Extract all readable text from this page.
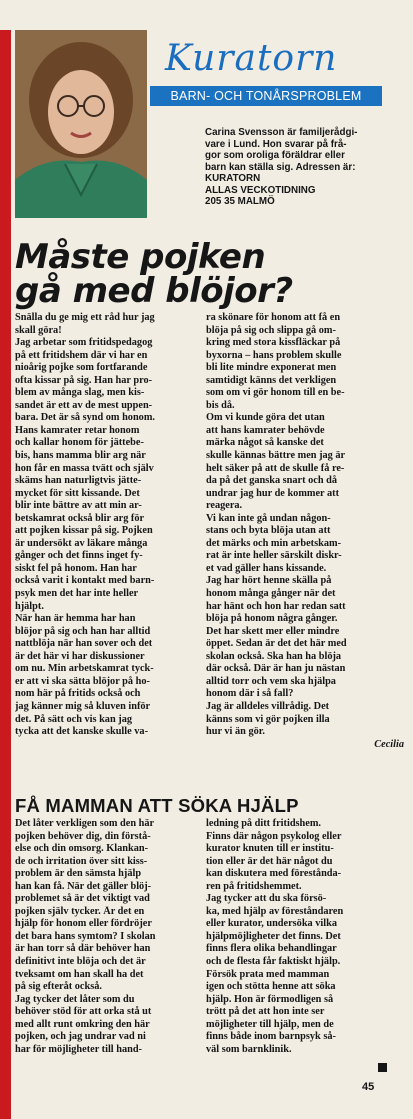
Kuratorn
BARN- OCH TONÅRSPROBLEM
Carina Svensson är familjerådgi-
vare i Lund. Hon svarar på frå-
gor som oroliga föräldrar eller
barn kan ställa sig. Adressen är:
KURATORN
ALLAS VECKOTIDNING
205 35 MALMÖ
Måste pojken
gå med blöjor?
Snälla du ge mig ett råd hur jag
skall göra!
Jag arbetar som fritidspedagog
på ett fritidshem där vi har en
nioårig pojke som fortfarande
ofta kissar på sig. Han har pro-
blem av många slag, men kis-
sandet är ett av de mest uppen-
bara. Det är så synd om honom.
Hans kamrater retar honom
och kallar honom för jättebe-
bis, hans mamma blir arg när
hon får en massa tvätt och själv
skäms han naturligtvis jätte-
mycket för sitt kissande. Det
blir inte bättre av att min ar-
betskamrat också blir arg för
att pojken kissar på sig. Pojken
är undersökt av läkare många
gånger och det finns inget fy-
siskt fel på honom. Han har
också varit i kontakt med barn-
psyk men det har inte heller
hjälpt.
När han är hemma har han
blöjor på sig och han har alltid
nattblöja när han sover och det
är det här vi har diskussioner
om nu. Min arbetskamrat tyck-
er att vi ska sätta blöjor på ho-
nom här på fritids också och
jag känner mig så kluven inför
det. På sätt och vis kan jag
tycka att det kanske skulle va-
ra skönare för honom att få en
blöja på sig och slippa gå om-
kring med stora kissfläckar på
byxorna – hans problem skulle
bli lite mindre exponerat men
samtidigt känns det verkligen
som om vi gör honom till en be-
bis då.
Om vi kunde göra det utan
att hans kamrater behövde
märka något så kanske det
skulle kännas bättre men jag är
helt säker på att de skulle få re-
da på det ganska snart och då
undrar jag hur de kommer att
reagera.
Vi kan inte gå undan någon-
stans och byta blöja utan att
det märks och min arbetskam-
rat är inte heller särskilt diskr-
et vad gäller hans kissande.
Jag har hört henne skälla på
honom många gånger när det
har hänt och hon har redan satt
blöja på honom några gånger.
Det har skett mer eller mindre
öppet. Sedan är det det här med
skolan också. Ska han ha blöja
där också. Där är han ju nästan
alltid torr och vem ska hjälpa
honom där i så fall?
Jag är alldeles villrådig. Det
känns som vi gör pojken illa
hur vi än gör.
Cecilia
FÅ MAMMAN ATT SÖKA HJÄLP
Det låter verkligen som den här
pojken behöver dig, din förstå-
else och din omsorg. Klankan-
de och irritation över sitt kiss-
problem är den sämsta hjälp
han kan få. När det gäller blöj-
problemet så är det viktigt vad
pojken själv tycker. Är det en
hjälp för honom eller fördröjer
det bara hans symtom? I skolan
är han torr så där behöver han
definitivt inte blöja och det är
tveksamt om han skall ha det
på sig efteråt också.
Jag tycker det låter som du
behöver stöd för att orka stå ut
med allt runt omkring den här
pojken, och jag undrar vad ni
har för möjligheter till hand-
ledning på ditt fritidshem.
Finns där någon psykolog eller
kurator knuten till er institu-
tion eller är det här något du
kan diskutera med föreståndа-
ren på fritidshemmet.
Jag tycker att du ska försö-
ka, med hjälp av föreståndaren
eller kurator, undersöka vilka
hjälpmöjligheter det finns. Det
finns flera olika behandlingar
och de flesta får faktiskt hjälp.
Försök prata med mamman
igen och stötta henne att söka
hjälp. Hon är förmodligen så
trött på det att hon inte ser
möjligheter till hjälp, men de
finns både inom barnpsyk så-
väl som barnklinik.
45
